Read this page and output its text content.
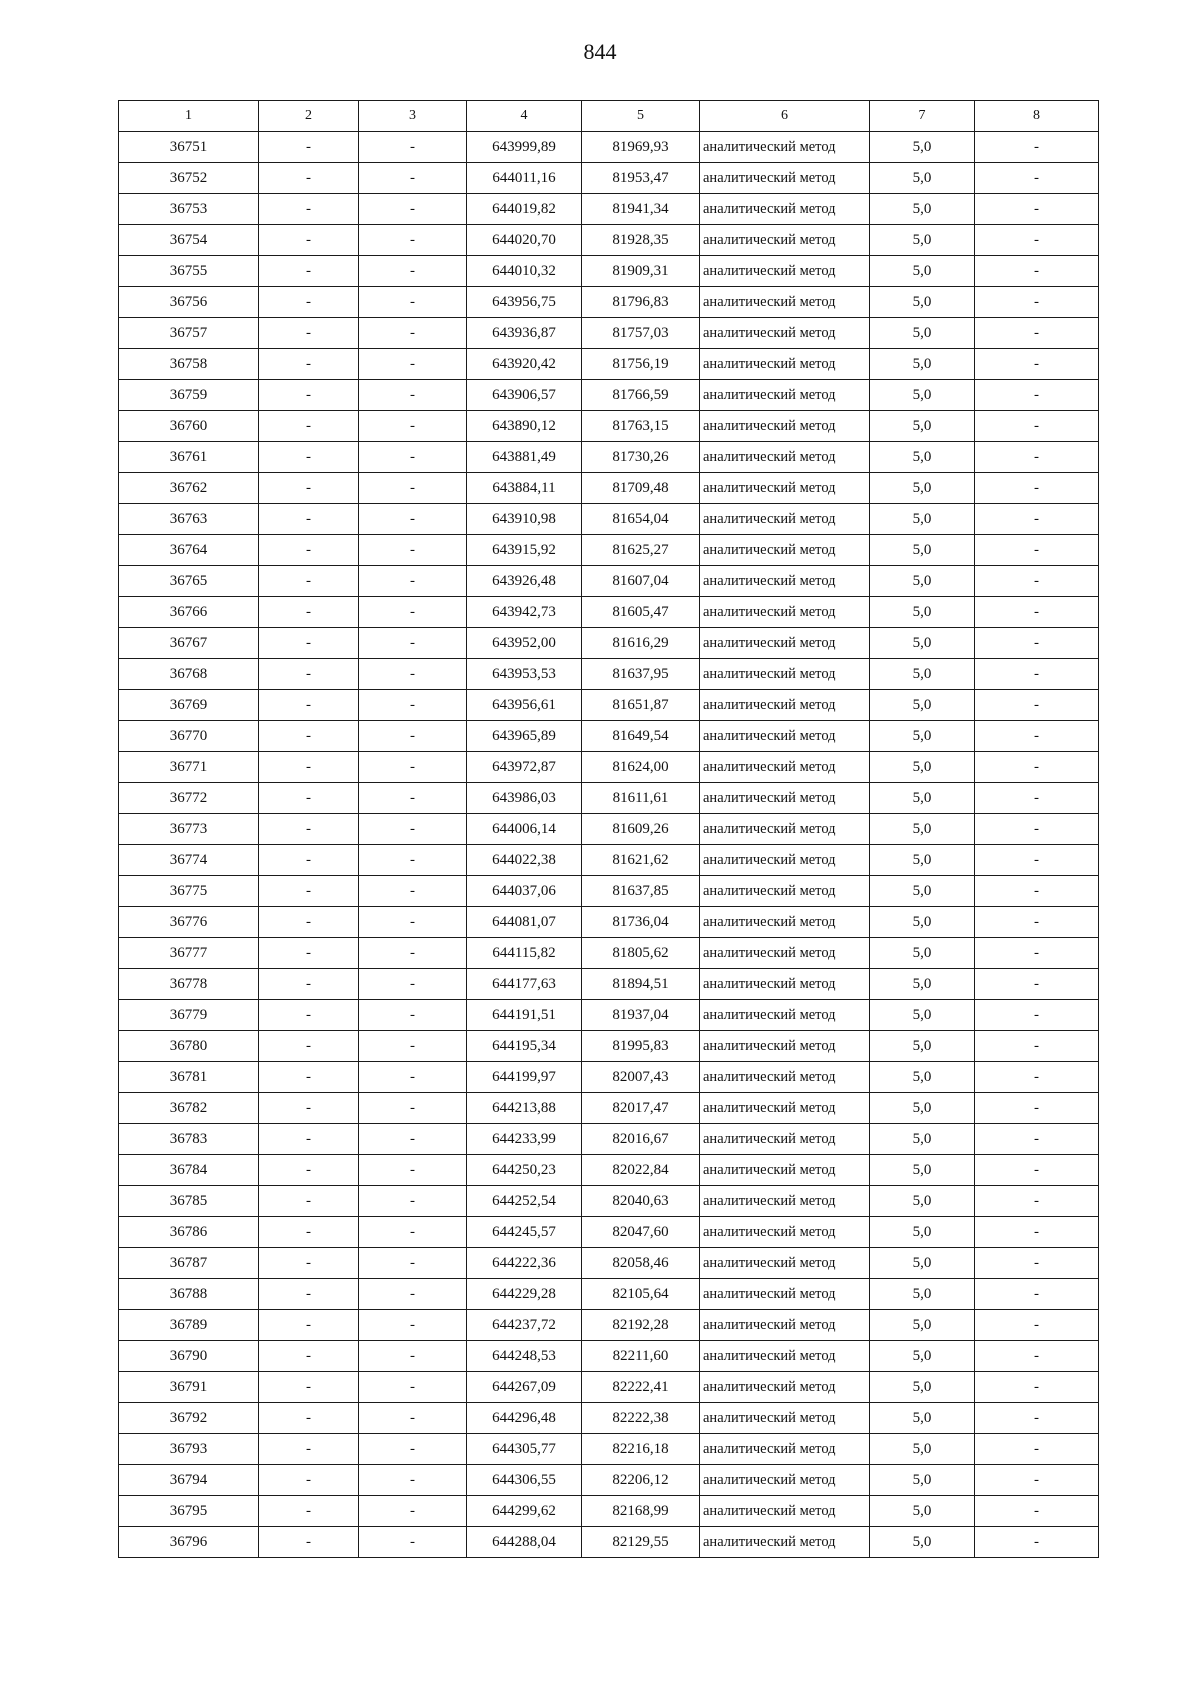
844
1	2	3	4	5	6	7	8
36751	-	-	643999,89	81969,93	аналитический метод	5,0	-
36752	-	-	644011,16	81953,47	аналитический метод	5,0	-
36753	-	-	644019,82	81941,34	аналитический метод	5,0	-
36754	-	-	644020,70	81928,35	аналитический метод	5,0	-
36755	-	-	644010,32	81909,31	аналитический метод	5,0	-
36756	-	-	643956,75	81796,83	аналитический метод	5,0	-
36757	-	-	643936,87	81757,03	аналитический метод	5,0	-
36758	-	-	643920,42	81756,19	аналитический метод	5,0	-
36759	-	-	643906,57	81766,59	аналитический метод	5,0	-
36760	-	-	643890,12	81763,15	аналитический метод	5,0	-
36761	-	-	643881,49	81730,26	аналитический метод	5,0	-
36762	-	-	643884,11	81709,48	аналитический метод	5,0	-
36763	-	-	643910,98	81654,04	аналитический метод	5,0	-
36764	-	-	643915,92	81625,27	аналитический метод	5,0	-
36765	-	-	643926,48	81607,04	аналитический метод	5,0	-
36766	-	-	643942,73	81605,47	аналитический метод	5,0	-
36767	-	-	643952,00	81616,29	аналитический метод	5,0	-
36768	-	-	643953,53	81637,95	аналитический метод	5,0	-
36769	-	-	643956,61	81651,87	аналитический метод	5,0	-
36770	-	-	643965,89	81649,54	аналитический метод	5,0	-
36771	-	-	643972,87	81624,00	аналитический метод	5,0	-
36772	-	-	643986,03	81611,61	аналитический метод	5,0	-
36773	-	-	644006,14	81609,26	аналитический метод	5,0	-
36774	-	-	644022,38	81621,62	аналитический метод	5,0	-
36775	-	-	644037,06	81637,85	аналитический метод	5,0	-
36776	-	-	644081,07	81736,04	аналитический метод	5,0	-
36777	-	-	644115,82	81805,62	аналитический метод	5,0	-
36778	-	-	644177,63	81894,51	аналитический метод	5,0	-
36779	-	-	644191,51	81937,04	аналитический метод	5,0	-
36780	-	-	644195,34	81995,83	аналитический метод	5,0	-
36781	-	-	644199,97	82007,43	аналитический метод	5,0	-
36782	-	-	644213,88	82017,47	аналитический метод	5,0	-
36783	-	-	644233,99	82016,67	аналитический метод	5,0	-
36784	-	-	644250,23	82022,84	аналитический метод	5,0	-
36785	-	-	644252,54	82040,63	аналитический метод	5,0	-
36786	-	-	644245,57	82047,60	аналитический метод	5,0	-
36787	-	-	644222,36	82058,46	аналитический метод	5,0	-
36788	-	-	644229,28	82105,64	аналитический метод	5,0	-
36789	-	-	644237,72	82192,28	аналитический метод	5,0	-
36790	-	-	644248,53	82211,60	аналитический метод	5,0	-
36791	-	-	644267,09	82222,41	аналитический метод	5,0	-
36792	-	-	644296,48	82222,38	аналитический метод	5,0	-
36793	-	-	644305,77	82216,18	аналитический метод	5,0	-
36794	-	-	644306,55	82206,12	аналитический метод	5,0	-
36795	-	-	644299,62	82168,99	аналитический метод	5,0	-
36796	-	-	644288,04	82129,55	аналитический метод	5,0	-
